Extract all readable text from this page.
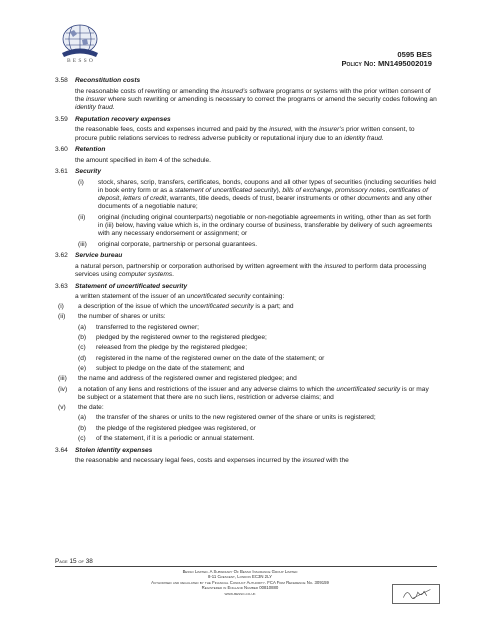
BESSO
0595 BES
Policy No: MN1495002019
3.58	Reconstitution costs
the reasonable costs of rewriting or amending the insured’s software programs or systems with the prior written consent of the insurer where such rewriting or amending is necessary to correct the programs or amend the security codes following an identity fraud.
3.59	Reputation recovery expenses
the reasonable fees, costs and expenses incurred and paid by the insured, with the insurer’s prior written consent, to procure public relations services to redress adverse publicity or reputational injury due to an identity fraud.
3.60	Retention
the amount specified in item 4 of the schedule.
3.61	Security
(i)	stock, shares, scrip, transfers, certificates, bonds, coupons and all other types of securities (including securities held in book entry form or as a statement of uncertificated security), bills of exchange, promissory notes, certificates of deposit, letters of credit, warrants, title deeds, deeds of trust, bearer instruments or other documents and any other documents of a negotiable nature;
(ii)	original (including original counterparts) negotiable or non-negotiable agreements in writing, other than as set forth in (iii) below, having value which is, in the ordinary course of business, transferable by delivery of such agreements with any necessary endorsement or assignment; or
(iii)	original corporate, partnership or personal guarantees.
3.62	Service bureau
a natural person, partnership or corporation authorised by written agreement with the insured to perform data processing services using computer systems.
3.63	Statement of uncertificated security
a written statement of the issuer of an uncertificated security containing:
(i)	a description of the issue of which the uncertificated security is a part; and
(ii)	the number of shares or units:
(a)	transferred to the registered owner;
(b)	pledged by the registered owner to the registered pledgee;
(c)	released from the pledge by the registered pledgee;
(d)	registered in the name of the registered owner on the date of the statement; or
(e)	subject to pledge on the date of the statement; and
(iii)	the name and address of the registered owner and registered pledgee; and
(iv)	a notation of any liens and restrictions of the issuer and any adverse claims to which the uncertificated security is or may be subject or a statement that there are no such liens, restriction or adverse claims; and
(v)	the date:
(a)	the transfer of the shares or units to the new registered owner of the share or units is registered;
(b)	the pledge of the registered pledgee was registered, or
(c)	of the statement, if it is a periodic or annual statement.
3.64	Stolen identity expenses
the reasonable and necessary legal fees, costs and expenses incurred by the insured with the
Page 15 of 38
Besso Limited. A Subsidiary Of Besso Insurance Group Limited
8-11 Crescent, London EC3N 2LY
Authorised and regulated by the Financial Conduct Authority. FCA Firm Reference No. 309159
Registered in England Number 00810880
www.besso.co.uk
